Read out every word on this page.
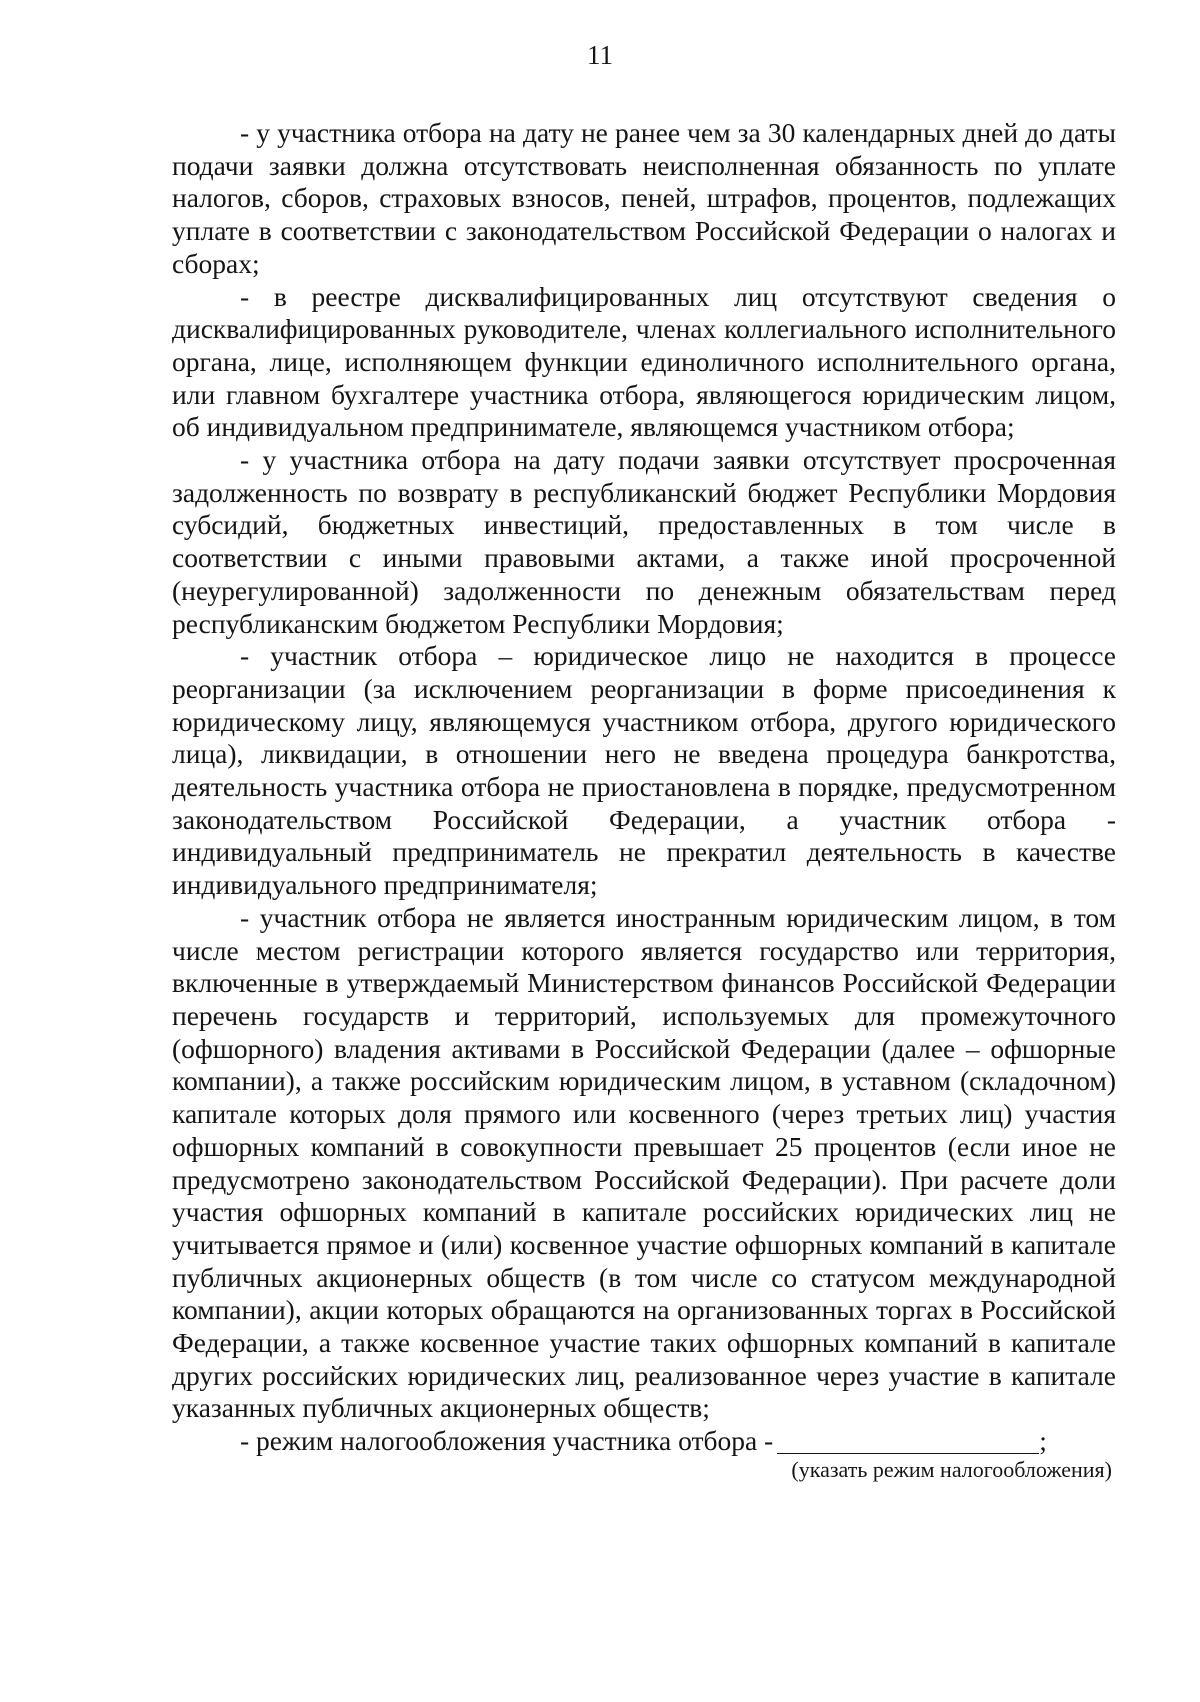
11

- у участника отбора на дату не ранее чем за 30 календарных дней до даты подачи заявки должна отсутствовать неисполненная обязанность по уплате налогов, сборов, страховых взносов, пеней, штрафов, процентов, подлежащих уплате в соответствии с законодательством Российской Федерации о налогах и сборах;

- в реестре дисквалифицированных лиц отсутствуют сведения о дисквалифицированных руководителе, членах коллегиального исполнительного органа, лице, исполняющем функции единоличного исполнительного органа, или главном бухгалтере участника отбора, являющегося юридическим лицом, об индивидуальном предпринимателе, являющемся участником отбора;

- у участника отбора на дату подачи заявки отсутствует просроченная задолженность по возврату в республиканский бюджет Республики Мордовия субсидий, бюджетных инвестиций, предоставленных в том числе в соответствии с иными правовыми актами, а также иной просроченной (неурегулированной) задолженности по денежным обязательствам перед республиканским бюджетом Республики Мордовия;

- участник отбора – юридическое лицо не находится в процессе реорганизации (за исключением реорганизации в форме присоединения к юридическому лицу, являющемуся участником отбора, другого юридического лица), ликвидации, в отношении него не введена процедура банкротства, деятельность участника отбора не приостановлена в порядке, предусмотренном законодательством Российской Федерации, а участник отбора - индивидуальный предприниматель не прекратил деятельность в качестве индивидуального предпринимателя;

- участник отбора не является иностранным юридическим лицом, в том числе местом регистрации которого является государство или территория, включенные в утверждаемый Министерством финансов Российской Федерации перечень государств и территорий, используемых для промежуточного (офшорного) владения активами в Российской Федерации (далее – офшорные компании), а также российским юридическим лицом, в уставном (складочном) капитале которых доля прямого или косвенного (через третьих лиц) участия офшорных компаний в совокупности превышает 25 процентов (если иное не предусмотрено законодательством Российской Федерации). При расчете доли участия офшорных компаний в капитале российских юридических лиц не учитывается прямое и (или) косвенное участие офшорных компаний в капитале публичных акционерных обществ (в том числе со статусом международной компании), акции которых обращаются на организованных торгах в Российской Федерации, а также косвенное участие таких офшорных компаний в капитале других российских юридических лиц, реализованное через участие в капитале указанных публичных акционерных обществ;

- режим налогообложения участника отбора -	;

(указать режим налогообложения)
